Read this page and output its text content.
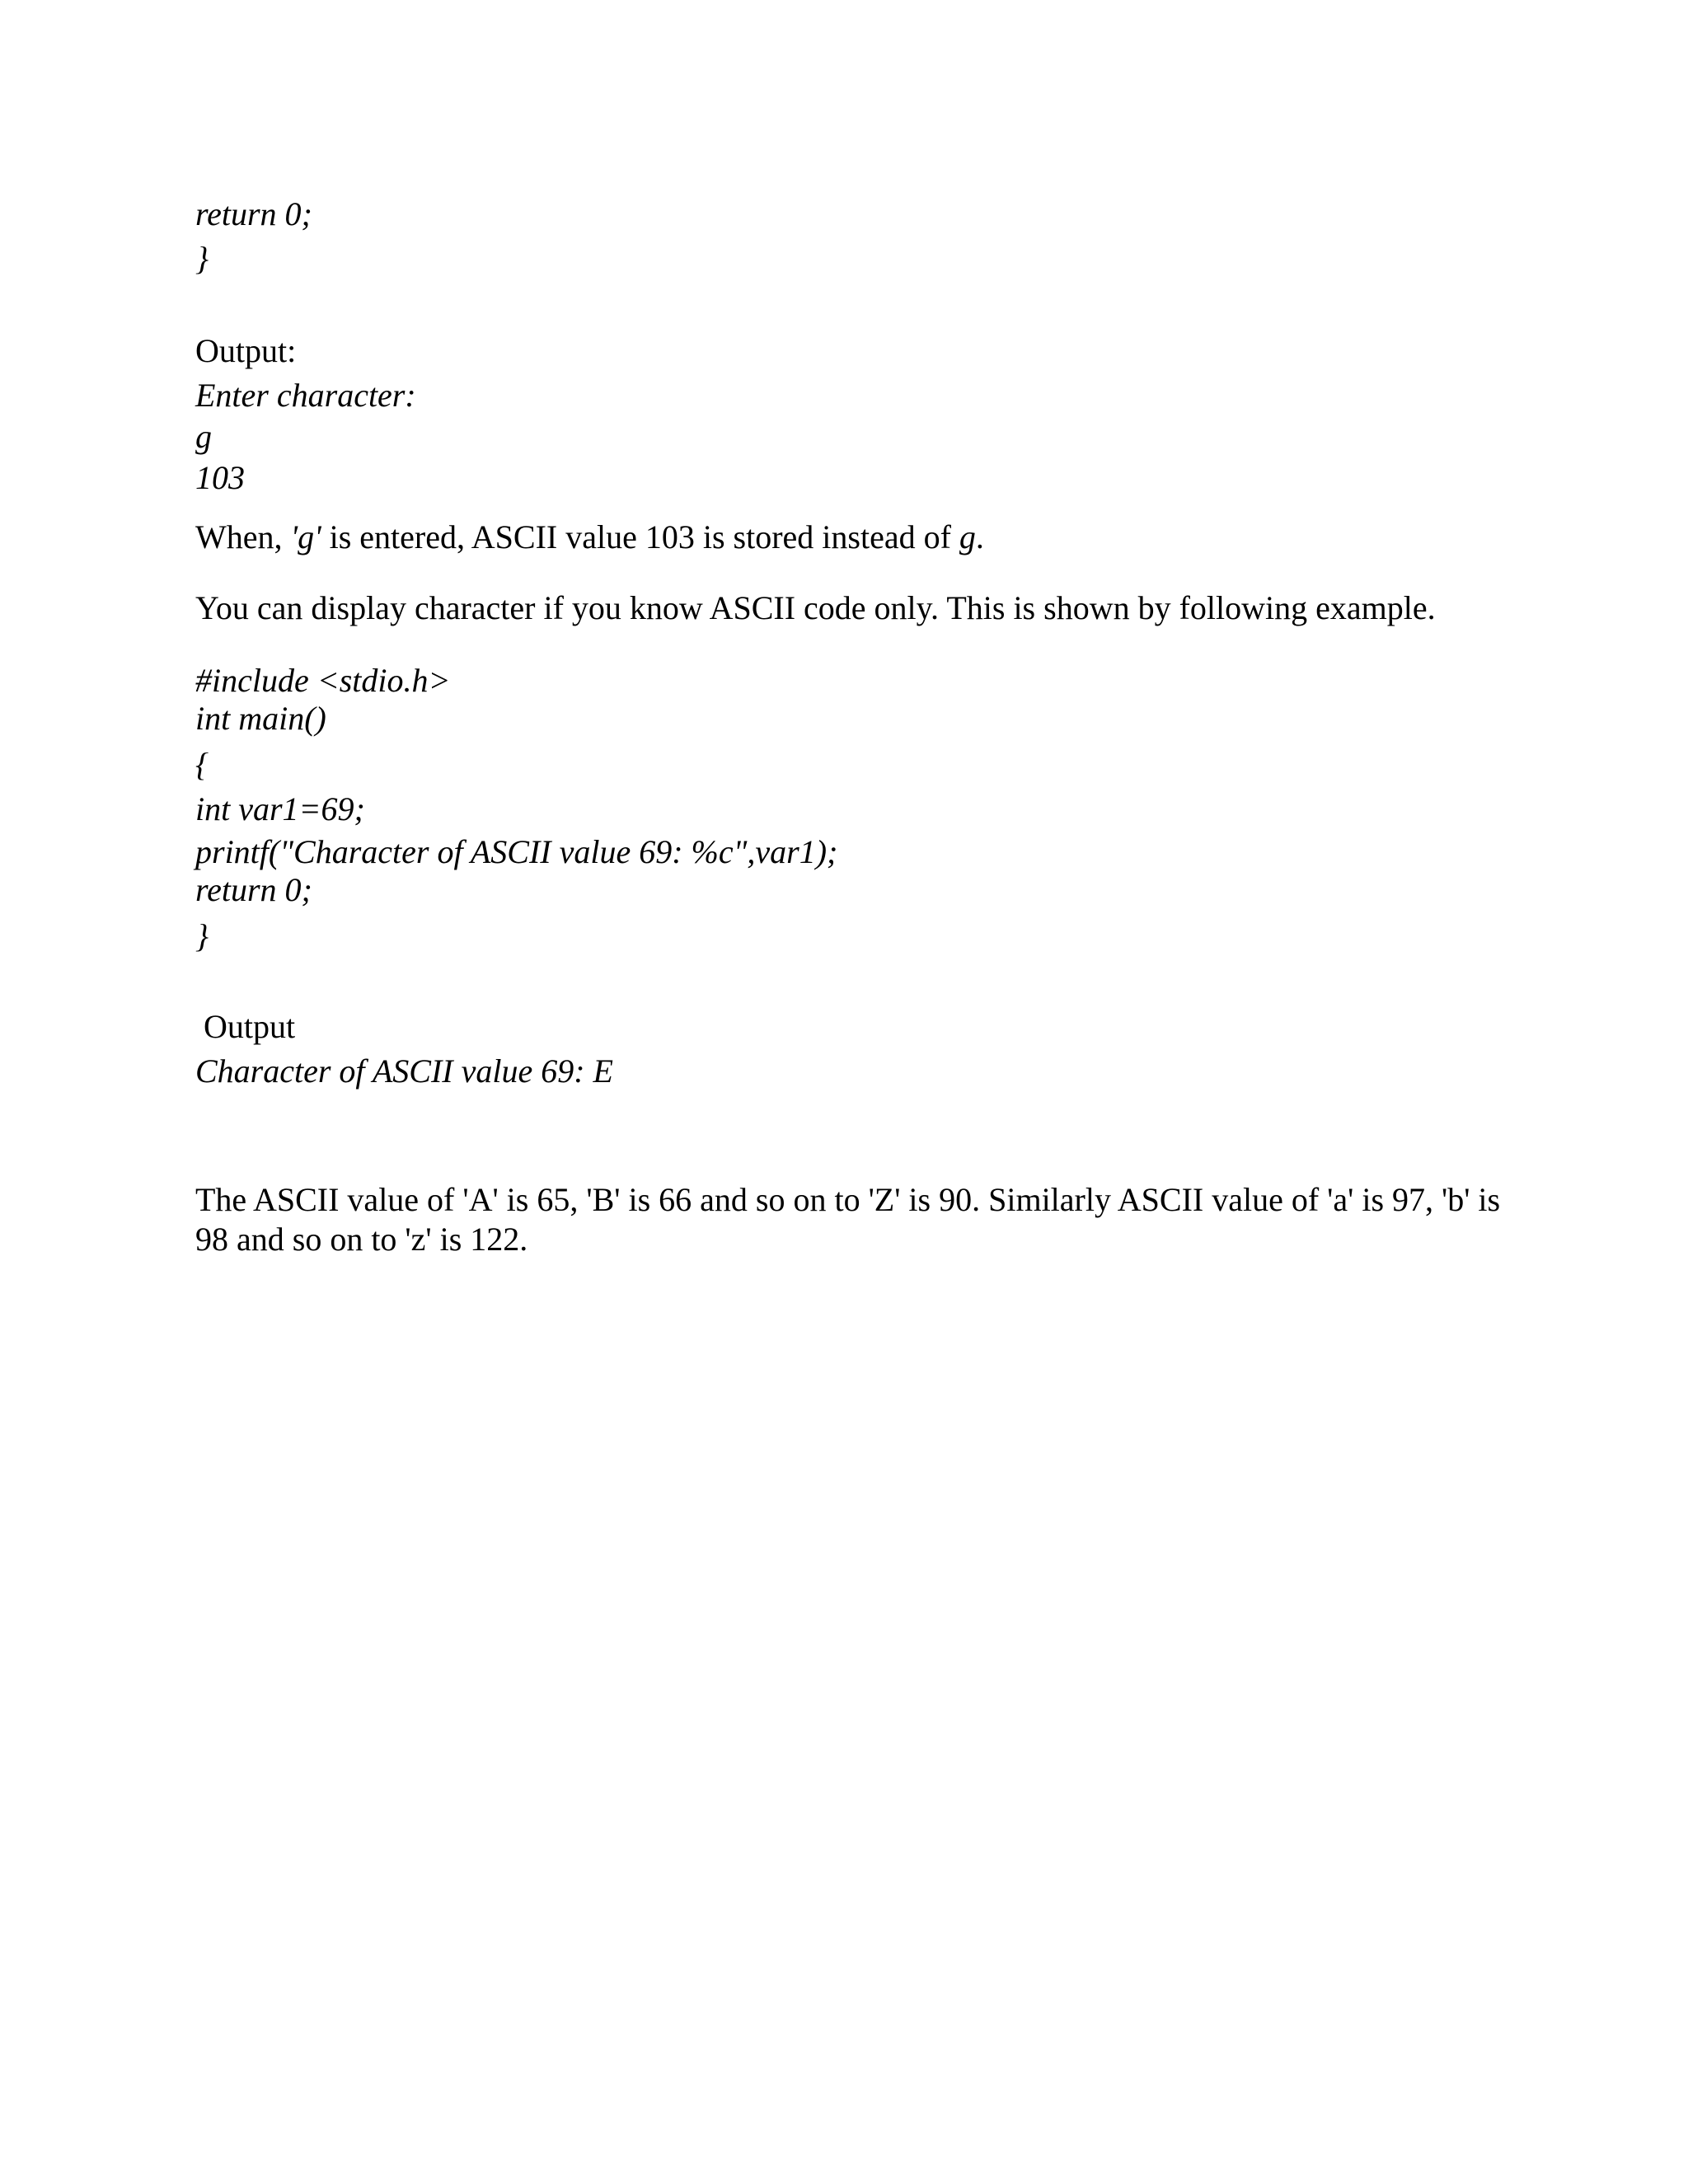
return 0;

}

Output:

Enter character:

g

103

When, 'g' is entered, ASCII value 103 is stored instead of g.

You can display character if you know ASCII code only. This is shown by following example.

#include <stdio.h>

int main()

{

int var1=69;

printf("Character of ASCII value 69: %c",var1);

return 0;

}

Output

Character of ASCII value 69: E

The ASCII value of 'A' is 65, 'B' is 66 and so on to 'Z' is 90. Similarly ASCII value of 'a' is 97, 'b' is 98 and so on to 'z' is 122.
